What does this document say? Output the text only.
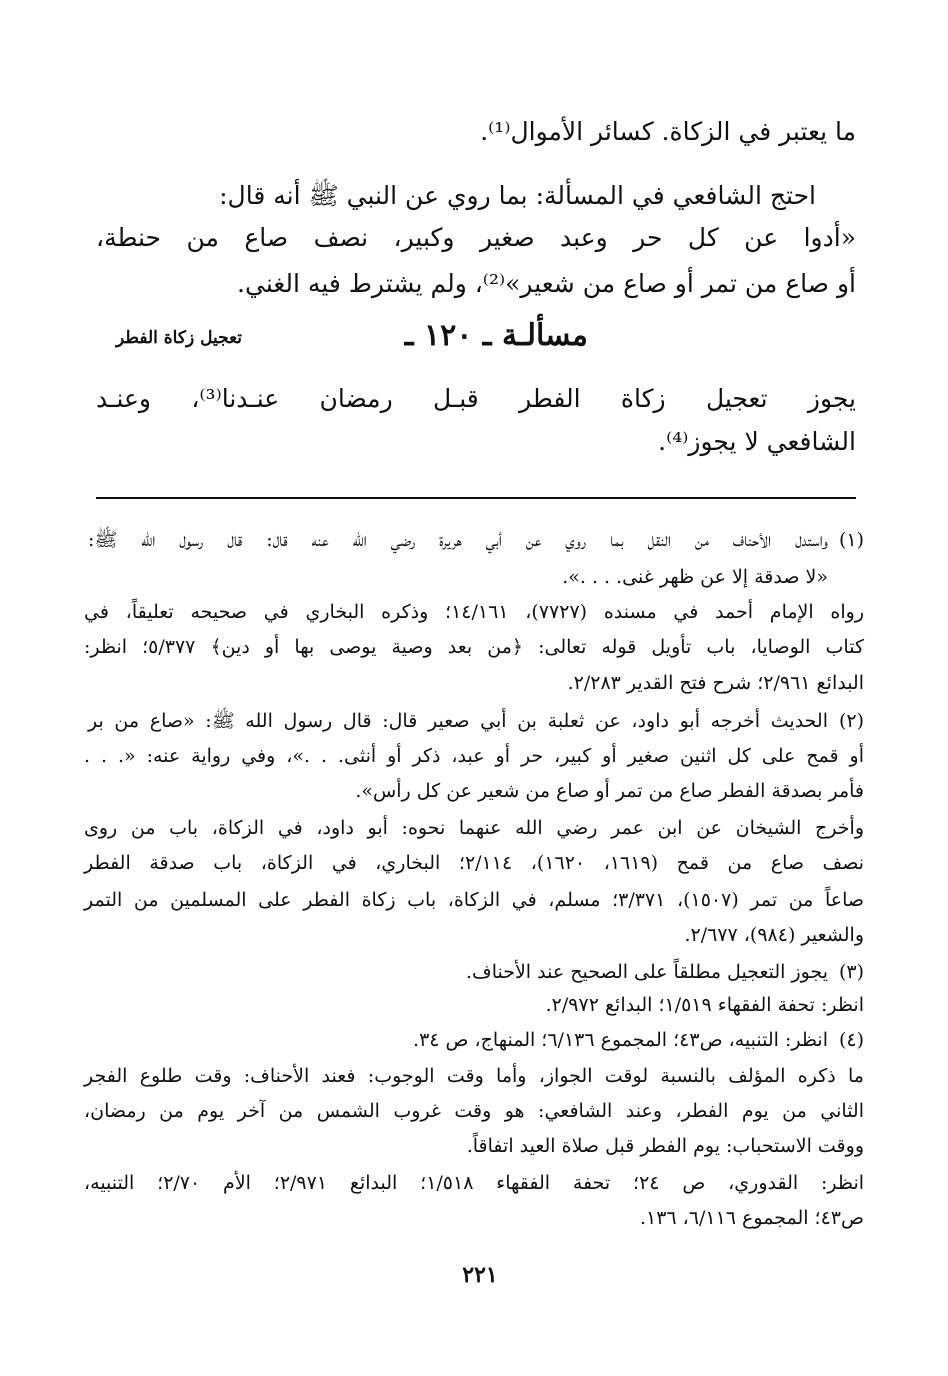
ما يعتبر في الزكاة. كسائر الأموال⁽¹⁾.
احتج الشافعي في المسألة: بما روي عن النبي ﷺ أنه قال:
«أدوا عن كل حر وعبد صغير وكبير، نصف صاع من حنطة،
أو صاع من تمر أو صاع من شعير»⁽²⁾، ولم يشترط فيه الغني.
مسألـة ـ ١٢٠ ـ
تعجيل زكاة الفطر
يجوز تعجيل زكاة الفطر قبـل رمضان عنـدنا⁽³⁾، وعنـد
الشافعي لا يجوز⁽⁴⁾.
(١)
(٢)
(٣)
(٤)
واستدل الأحناف من النقل بما روي عن أبي هريرة رضي الله عنه قال: قال رسول الله ﷺ:
«لا صدقة إلا عن ظهر غنى. . . .».
رواه الإمام أحمد في مسنده (٧٧٢٧)، ١٤/١٦١؛ وذكره البخاري في صحيحه تعليقاً، في
كتاب الوصايا، باب تأويل قوله تعالى: ﴿من بعد وصية يوصى بها أو دين﴾ ٥/٣٧٧؛ انظر:
البدائع ٢/٩٦١؛ شرح فتح القدير ٢/٢٨٣.
الحديث أخرجه أبو داود، عن ثعلبة بن أبي صعير قال: قال رسول الله ﷺ: «صاع من بر
أو قمح على كل اثنين صغير أو كبير، حر أو عبد، ذكر أو أنثى. . .»، وفي رواية عنه: «. . .
فأمر بصدقة الفطر صاع من تمر أو صاع من شعير عن كل رأس».
وأخرج الشيخان عن ابن عمر رضي الله عنهما نحوه: أبو داود، في الزكاة، باب من روى
نصف صاع من قمح (١٦١٩، ١٦٢٠)، ٢/١١٤؛ البخاري، في الزكاة، باب صدقة الفطر
صاعاً من تمر (١٥٠٧)، ٣/٣٧١؛ مسلم، في الزكاة، باب زكاة الفطر على المسلمين من التمر
والشعير (٩٨٤)، ٢/٦٧٧.
يجوز التعجيل مطلقاً على الصحيح عند الأحناف.
انظر: تحفة الفقهاء ١/٥١٩؛ البدائع ٢/٩٧٢.
انظر: التنبيه، ص٤٣؛ المجموع ٦/١٣٦؛ المنهاج، ص ٣٤.
ما ذكره المؤلف بالنسبة لوقت الجواز، وأما وقت الوجوب: فعند الأحناف: وقت طلوع الفجر
الثاني من يوم الفطر، وعند الشافعي: هو وقت غروب الشمس من آخر يوم من رمضان،
ووقت الاستحباب: يوم الفطر قبل صلاة العيد اتفاقاً.
انظر: القدوري، ص ٢٤؛ تحفة الفقهاء ١/٥١٨؛ البدائع ٢/٩٧١؛ الأم ٢/٧٠؛ التنبيه،
ص٤٣؛ المجموع ٦/١١٦، ١٣٦.
٢٢١
